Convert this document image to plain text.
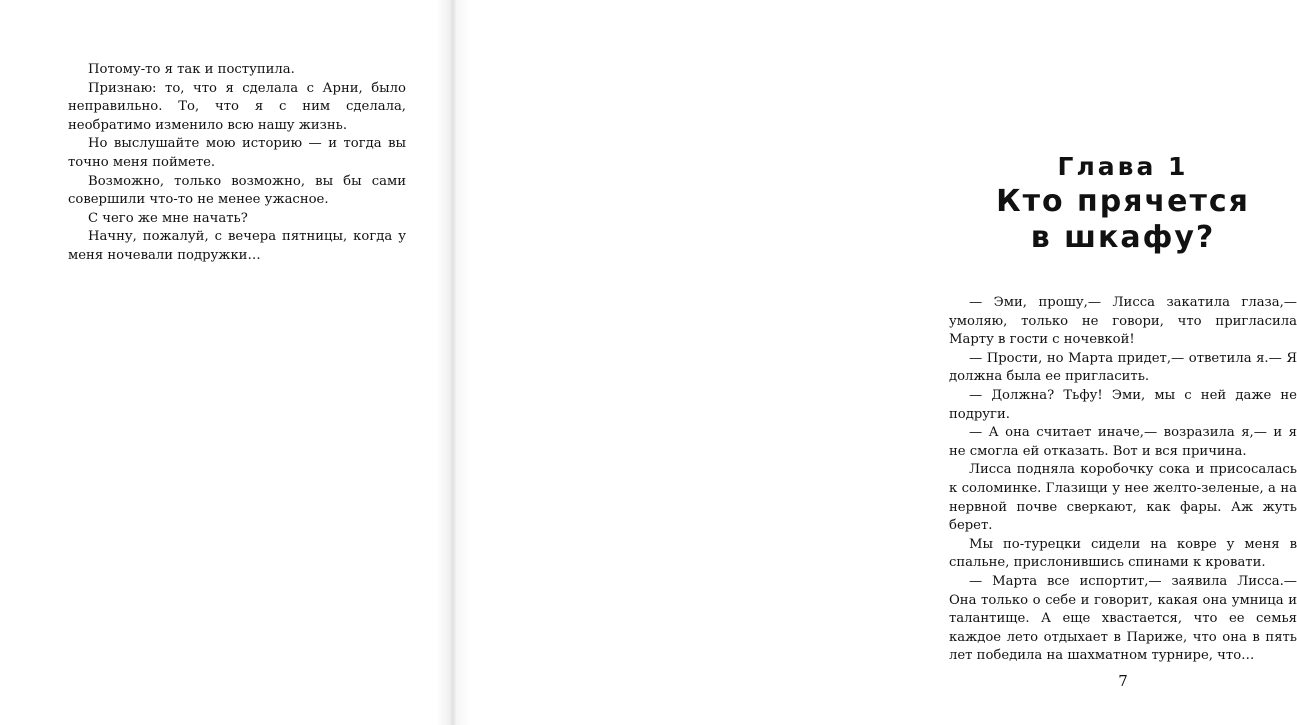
Потому-то я так и поступила.

Признаю: то, что я сделала с Арни, было неправильно. То, что я с ним сделала, необратимо изменило всю нашу жизнь.

Но выслушайте мою историю — и тогда вы точно меня поймете.

Возможно, только возможно, вы бы сами совершили что-то не менее ужасное.

С чего же мне начать?

Начну, пожалуй, с вечера пятницы, когда у меня ночевали подружки…

Глава 1
Кто прячется
в шкафу?

— Эми, прошу,— Лисса закатила глаза,— умоляю, только не говори, что пригласила Марту в гости с ночевкой!

— Прости, но Марта придет,— ответила я.— Я должна была ее пригласить.

— Должна? Тьфу! Эми, мы с ней даже не подруги.

— А она считает иначе,— возразила я,— и я не смогла ей отказать. Вот и вся причина.

Лисса подняла коробочку сока и присосалась к соломинке. Глазищи у нее желто-зеленые, а на нервной почве сверкают, как фары. Аж жуть берет.

Мы по-турецки сидели на ковре у меня в спальне, прислонившись спинами к кровати.

— Марта все испортит,— заявила Лисса.— Она только о себе и говорит, какая она умница и талантище. А еще хвастается, что ее семья каждое лето отдыхает в Париже, что она в пять лет победила на шахматном турнире, что…

7
